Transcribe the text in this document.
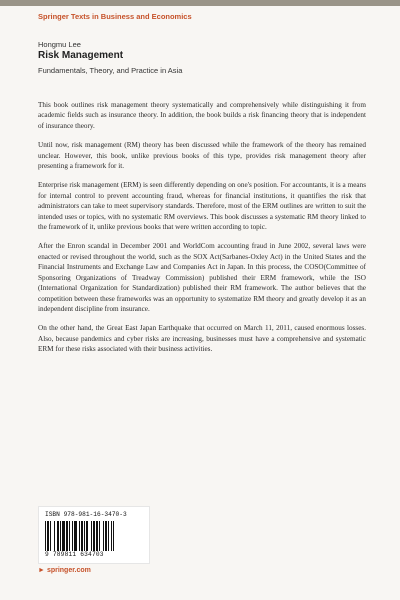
Springer Texts in Business and Economics
Hongmu Lee
Risk Management
Fundamentals, Theory, and Practice in Asia

This book outlines risk management theory systematically and comprehensively while distinguishing it from academic fields such as insurance theory. In addition, the book builds a risk financing theory that is independent of insurance theory.

Until now, risk management (RM) theory has been discussed while the framework of the theory has remained unclear. However, this book, unlike previous books of this type, provides risk management theory after presenting a framework for it.

Enterprise risk management (ERM) is seen differently depending on one's position. For accountants, it is a means for internal control to prevent accounting fraud, whereas for financial institutions, it quantifies the risk that administrators can take to meet supervisory standards. Therefore, most of the ERM outlines are written to suit the intended uses or topics, with no systematic RM overviews. This book discusses a systematic RM theory linked to the framework of it, unlike previous books that were written according to topic.

After the Enron scandal in December 2001 and WorldCom accounting fraud in June 2002, several laws were enacted or revised throughout the world, such as the SOX Act(Sarbanes-Oxley Act) in the United States and the Financial Instruments and Exchange Law and Companies Act in Japan. In this process, the COSO(Committee of Sponsoring Organizations of Treadway Commission) published their ERM framework, while the ISO (International Organization for Standardization) published their RM framework. The author believes that the competition between these frameworks was an opportunity to systematize RM theory and greatly develop it as an independent discipline from insurance.

On the other hand, the Great East Japan Earthquake that occurred on March 11, 2011, caused enormous losses. Also, because pandemics and cyber risks are increasing, businesses must have a comprehensive and systematic ERM for these risks associated with their business activities.

ISBN 978-981-16-3470-3
9 789811 634703
► springer.com
